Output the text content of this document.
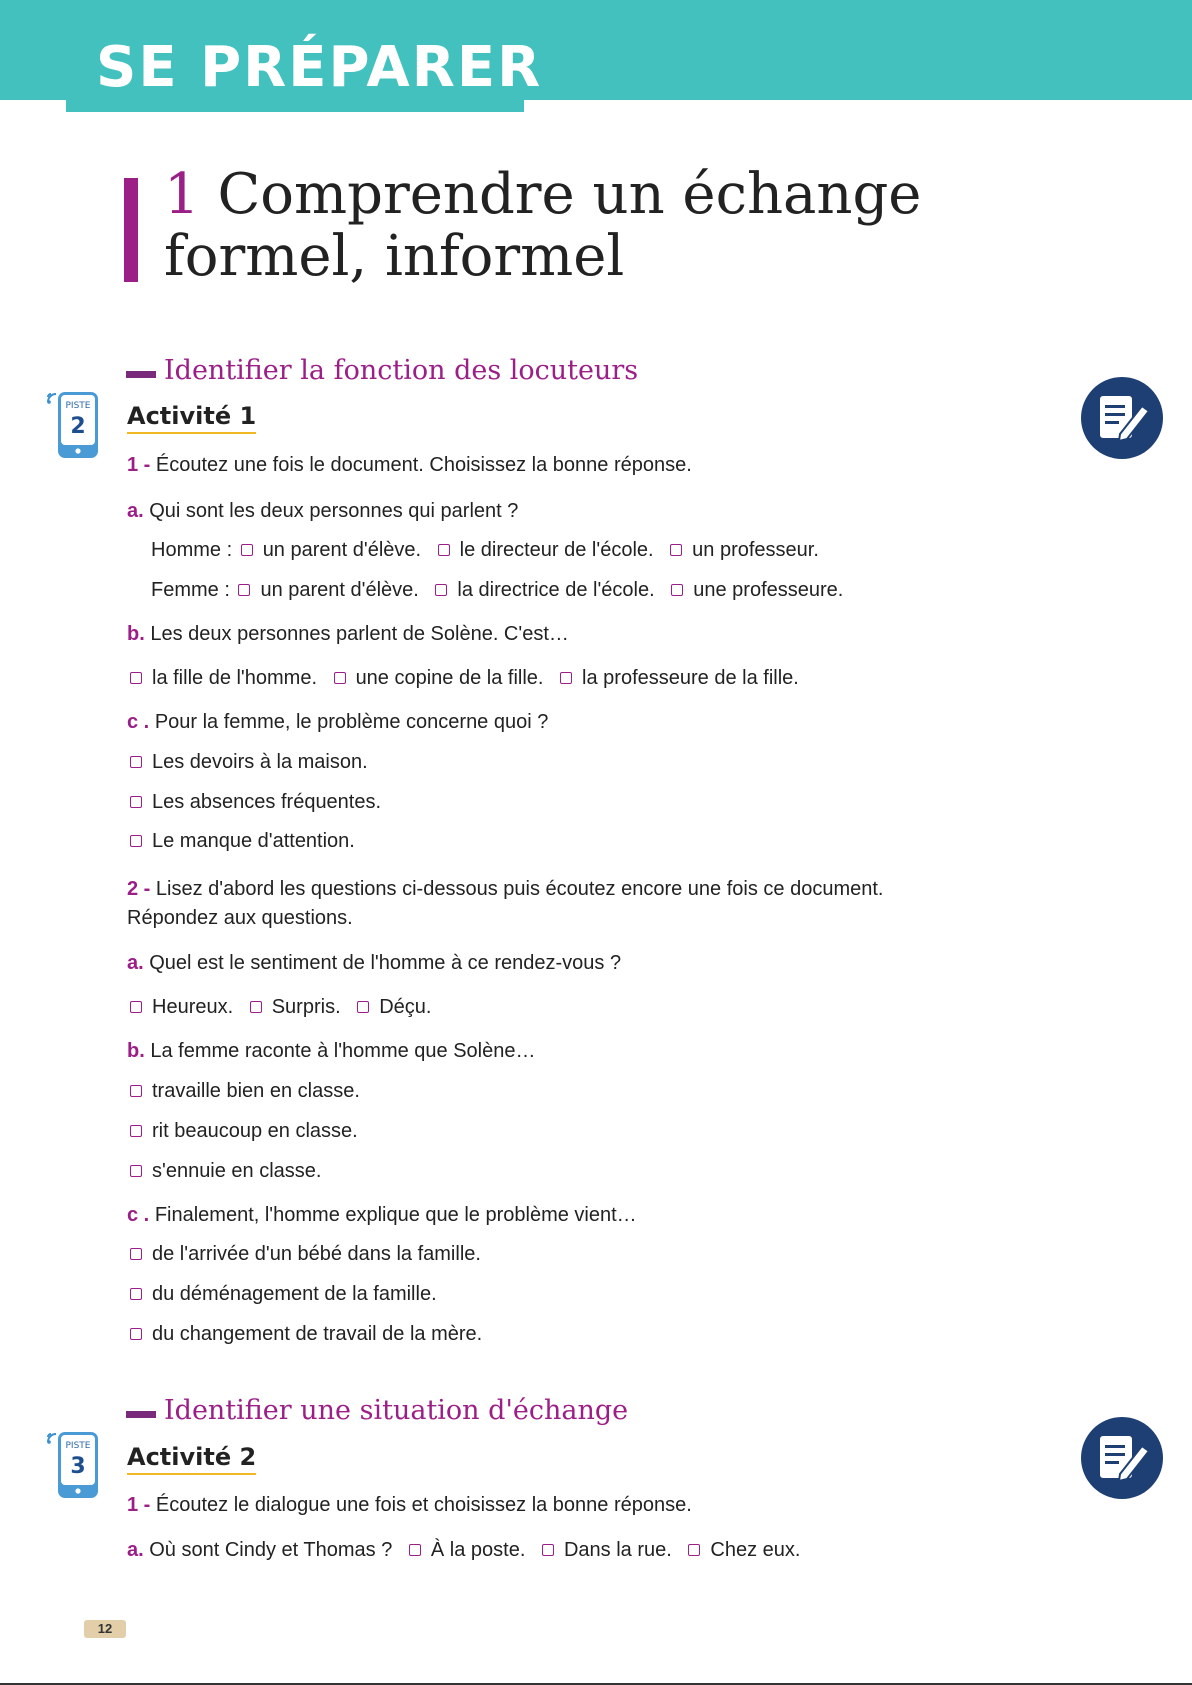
SE PRÉPARER
1 Comprendre un échange
formel, informel
Identifier la fonction des locuteurs
PISTE
2 Activité 1

1 - Écoutez une fois le document. Choisissez la bonne réponse.

a. Qui sont les deux personnes qui parlent ?

Homme : un parent d'élève. le directeur de l'école. un professeur.

Femme : un parent d'élève. la directrice de l'école. une professeure.

b. Les deux personnes parlent de Solène. C'est…

la fille de l'homme. une copine de la fille. la professeure de la fille.

c . Pour la femme, le problème concerne quoi ?

Les devoirs à la maison.

Les absences fréquentes.

Le manque d'attention.

2 - Lisez d'abord les questions ci-dessous puis écoutez encore une fois ce document.

Répondez aux questions.

a. Quel est le sentiment de l'homme à ce rendez-vous ?

Heureux. Surpris. Déçu.

b. La femme raconte à l'homme que Solène…

travaille bien en classe.

rit beaucoup en classe.

s'ennuie en classe.

c . Finalement, l'homme explique que le problème vient…

de l'arrivée d'un bébé dans la famille.

du déménagement de la famille.

du changement de travail de la mère.

Identifier une situation d'échange
PISTE
3 Activité 2

1 - Écoutez le dialogue une fois et choisissez la bonne réponse.

a. Où sont Cindy et Thomas ? À la poste. Dans la rue. Chez eux.

12
